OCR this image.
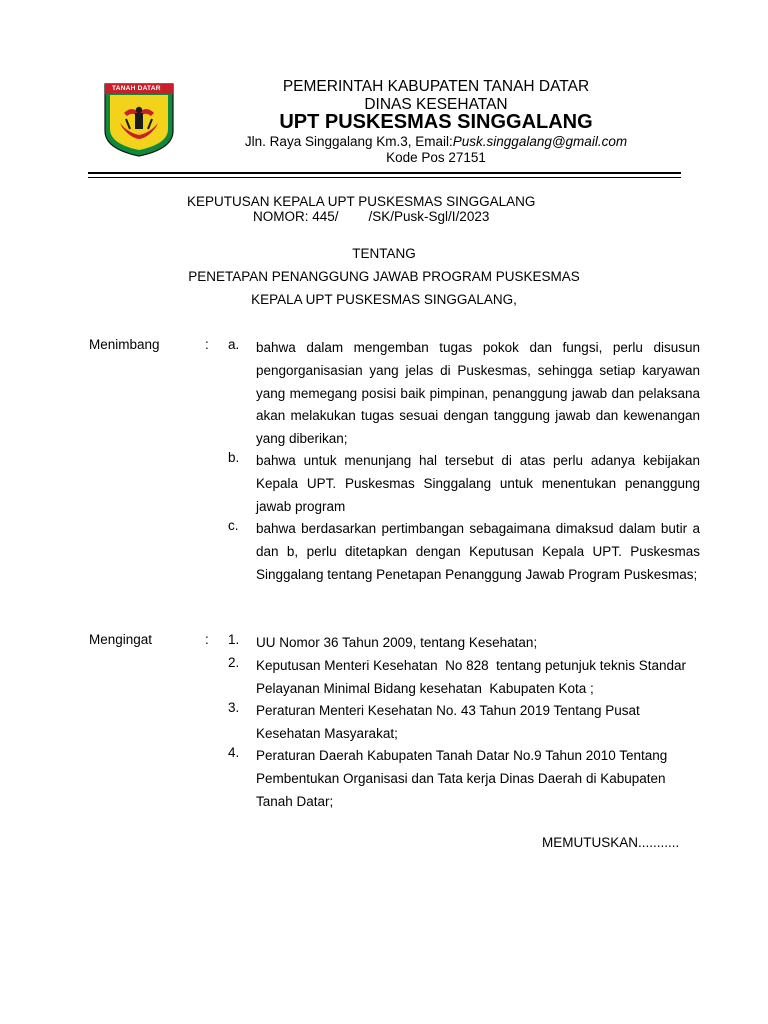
TANAH DATAR	PEMERINTAH KABUPATEN TANAH DATAR
DINAS KESEHATAN
UPT PUSKESMAS SINGGALANG
Jln. Raya Singgalang Km.3, Email:Pusk.singgalang@gmail.com
Kode Pos 27151
KEPUTUSAN KEPALA UPT PUSKESMAS SINGGALANG
NOMOR: 445/        /SK/Pusk-Sgl/I/2023
TENTANG
PENETAPAN PENANGGUNG JAWAB PROGRAM PUSKESMAS
KEPALA UPT PUSKESMAS SINGGALANG,
Menimbang	: a. bahwa dalam mengemban tugas pokok dan fungsi, perlu disusun pengorganisasian yang jelas di Puskesmas, sehingga setiap karyawan yang memegang posisi baik pimpinan, penanggung jawab dan pelaksana akan melakukan tugas sesuai dengan tanggung jawab dan kewenangan yang diberikan;
b. bahwa untuk menunjang hal tersebut di atas perlu adanya kebijakan Kepala UPT. Puskesmas Singgalang untuk menentukan penanggung jawab program
c. bahwa berdasarkan pertimbangan sebagaimana dimaksud dalam butir a dan b, perlu ditetapkan dengan Keputusan Kepala UPT. Puskesmas Singgalang tentang Penetapan Penanggung Jawab Program Puskesmas;
Mengingat	: 1. UU Nomor 36 Tahun 2009, tentang Kesehatan;
2. Keputusan Menteri Kesehatan  No 828  tentang petunjuk teknis Standar  Pelayanan Minimal Bidang kesehatan  Kabupaten Kota ;
3. Peraturan Menteri Kesehatan No. 43 Tahun 2019 Tentang Pusat Kesehatan Masyarakat;
4. Peraturan Daerah Kabupaten Tanah Datar No.9 Tahun 2010 Tentang Pembentukan Organisasi dan Tata kerja Dinas Daerah di Kabupaten Tanah Datar;
MEMUTUSKAN...........
